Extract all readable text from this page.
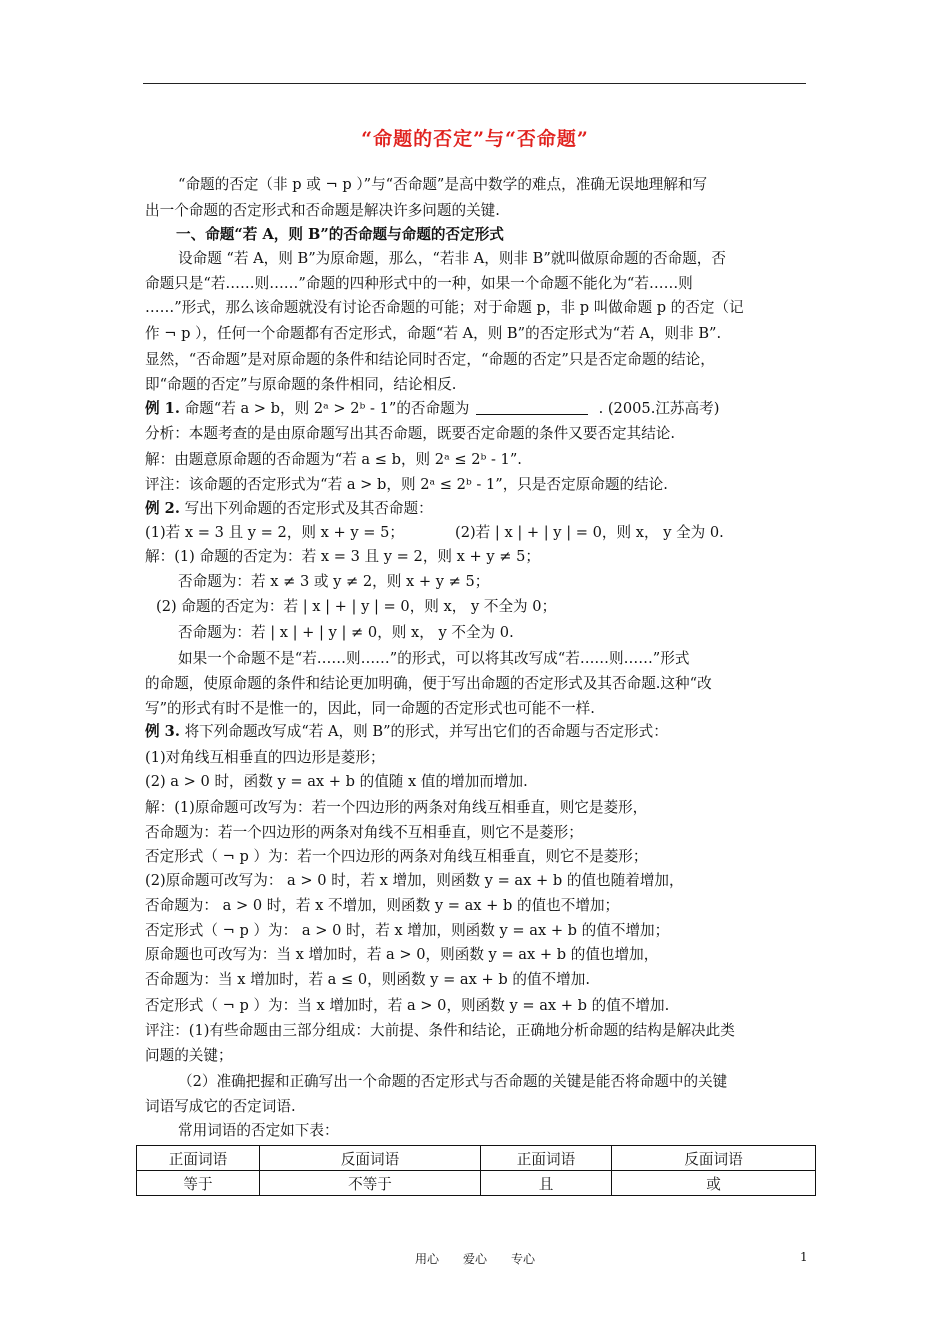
“命题的否定”与“否命题”
“命题的否定（非 p 或 ¬ p ）”与“否命题”是高中数学的难点，准确无误地理解和写
出一个命题的否定形式和否命题是解决许多问题的关键.
一、命题“若 A，则 B”的否命题与命题的否定形式
设命题 “若 A，则 B”为原命题，那么，“若非 A，则非 B”就叫做原命题的否命题，否
命题只是“若……则……”命题的四种形式中的一种，如果一个命题不能化为“若……则
……”形式，那么该命题就没有讨论否命题的可能；对于命题 p，非 p 叫做命题 p 的否定（记
作 ¬ p ），任何一个命题都有否定形式，命题“若 A，则 B”的否定形式为“若 A，则非 B”.
显然，“否命题”是对原命题的条件和结论同时否定，“命题的否定”只是否定命题的结论，
即“命题的否定”与原命题的条件相同，结论相反.
例 1. 命题“若 a > b，则 2ᵃ > 2ᵇ - 1”的否命题为	. (2005.江苏高考)
分析：本题考查的是由原命题写出其否命题，既要否定命题的条件又要否定其结论.
解：由题意原命题的否命题为“若 a ≤ b，则 2ᵃ ≤ 2ᵇ - 1”.
评注：该命题的否定形式为“若 a > b，则 2ᵃ ≤ 2ᵇ - 1”，只是否定原命题的结论.
例 2. 写出下列命题的否定形式及其否命题：
(1)若 x = 3 且 y = 2，则 x + y = 5；	(2)若 | x | + | y | = 0，则 x， y 全为 0.
解：(1) 命题的否定为：若 x = 3 且 y = 2，则 x + y ≠ 5；
否命题为：若 x ≠ 3 或 y ≠ 2，则 x + y ≠ 5；
(2) 命题的否定为：若 | x | + | y | = 0，则 x， y 不全为 0；
否命题为：若 | x | + | y | ≠ 0，则 x， y 不全为 0.
如果一个命题不是“若……则……”的形式，可以将其改写成“若……则……”形式
的命题，使原命题的条件和结论更加明确，便于写出命题的否定形式及其否命题.这种“改
写”的形式有时不是惟一的，因此，同一命题的否定形式也可能不一样.
例 3. 将下列命题改写成“若 A，则 B”的形式，并写出它们的否命题与否定形式：
(1)对角线互相垂直的四边形是菱形；
(2) a > 0 时，函数 y = ax + b 的值随 x 值的增加而增加.
解：(1)原命题可改写为：若一个四边形的两条对角线互相垂直，则它是菱形，
否命题为：若一个四边形的两条对角线不互相垂直，则它不是菱形；
否定形式（ ¬ p ）为：若一个四边形的两条对角线互相垂直，则它不是菱形；
(2)原命题可改写为： a > 0 时，若 x 增加，则函数 y = ax + b 的值也随着增加，
否命题为： a > 0 时，若 x 不增加，则函数 y = ax + b 的值也不增加；
否定形式（ ¬ p ）为： a > 0 时，若 x 增加，则函数 y = ax + b 的值不增加；
原命题也可改写为：当 x 增加时，若 a > 0，则函数 y = ax + b 的值也增加，
否命题为：当 x 增加时，若 a ≤ 0，则函数 y = ax + b 的值不增加.
否定形式（ ¬ p ）为：当 x 增加时，若 a > 0，则函数 y = ax + b 的值不增加.
评注：(1)有些命题由三部分组成：大前提、条件和结论，正确地分析命题的结构是解决此类
问题的关键；
（2）准确把握和正确写出一个命题的否定形式与否命题的关键是能否将命题中的关键
词语写成它的否定词语.
常用词语的否定如下表：
正面词语	反面词语	正面词语	反面词语
等于	不等于	且	或
用心　　爱心　　专心	1
